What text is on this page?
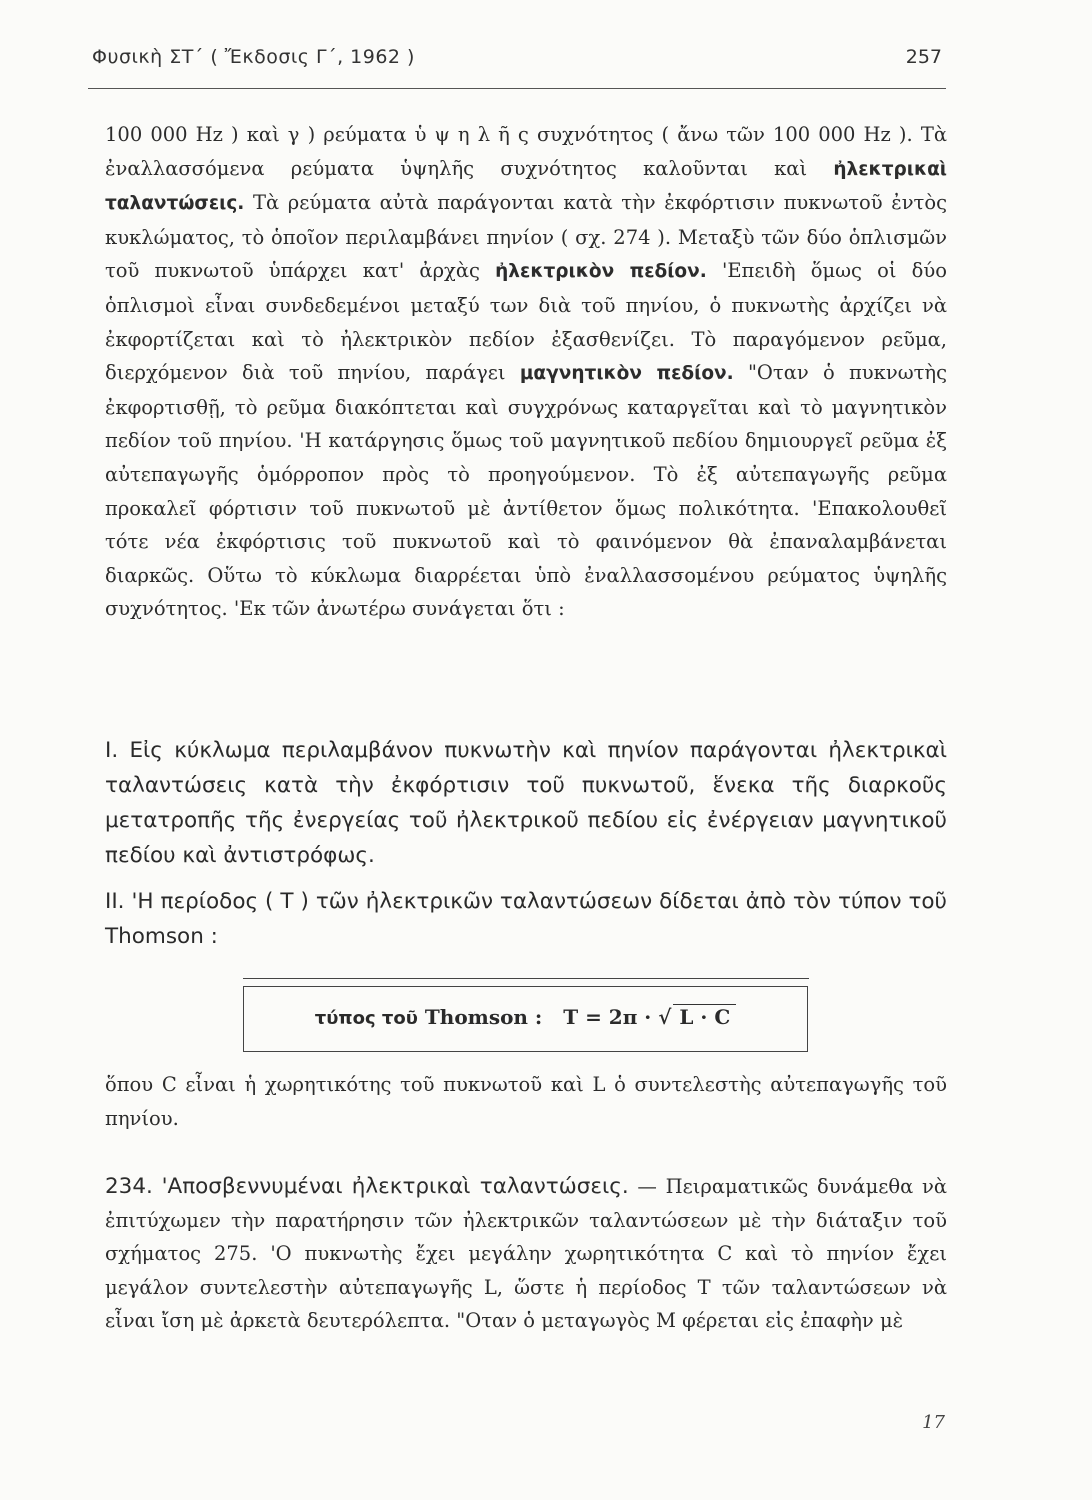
Φυσικὴ ΣΤ΄ ( Ἔκδοσις Γ΄, 1962 )	257

100 000 Hz ) καὶ γ ) ρεύματα ὑ ψ η λ ῆ ς συχνότητος ( ἄνω τῶν 100 000 Hz ). Τὰ ἐναλλασσόμενα ρεύματα ὑψηλῆς συχνότητος καλοῦνται καὶ ἠλεκτρικαὶ ταλαντώσεις. Τὰ ρεύματα αὐτὰ παράγονται κατὰ τὴν ἐκφόρτισιν πυκνωτοῦ ἐντὸς κυκλώματος, τὸ ὁποῖον περιλαμβάνει πηνίον ( σχ. 274 ). Μεταξὺ τῶν δύο ὁπλισμῶν τοῦ πυκνωτοῦ ὑπάρχει κατ' ἀρχὰς ἠλεκτρικὸν πεδίον. 'Επειδὴ ὅμως οἱ δύο ὁπλισμοὶ εἶναι συνδεδεμένοι μεταξύ των διὰ τοῦ πηνίου, ὁ πυκνωτὴς ἀρχίζει νὰ ἐκφορτίζεται καὶ τὸ ἠλεκτρικὸν πεδίον ἐξασθενίζει. Τὸ παραγόμενον ρεῦμα, διερχόμενον διὰ τοῦ πηνίου, παράγει μαγνητικὸν πεδίον. "Οταν ὁ πυκνωτὴς ἐκφορτισθῇ, τὸ ρεῦμα διακόπτεται καὶ συγχρόνως καταργεῖται καὶ τὸ μαγνητικὸν πεδίον τοῦ πηνίου. 'Η κατάργησις ὅμως τοῦ μαγνητικοῦ πεδίου δημιουργεῖ ρεῦμα ἐξ αὐτεπαγωγῆς ὁμόρροπον πρὸς τὸ προηγούμενον. Τὸ ἐξ αὐτεπαγωγῆς ρεῦμα προκαλεῖ φόρτισιν τοῦ πυκνωτοῦ μὲ ἀντίθετον ὅμως πολικότητα. 'Επακολουθεῖ τότε νέα ἐκφόρτισις τοῦ πυκνωτοῦ καὶ τὸ φαινόμενον θὰ ἐπαναλαμβάνεται διαρκῶς. Οὕτω τὸ κύκλωμα διαρρέεται ὑπὸ ἐναλλασσομένου ρεύματος ὑψηλῆς συχνότητος. 'Εκ τῶν ἀνωτέρω συνάγεται ὅτι :

I. Εἰς κύκλωμα περιλαμβάνον πυκνωτὴν καὶ πηνίον παράγονται ἠλεκτρικαὶ ταλαντώσεις κατὰ τὴν ἐκφόρτισιν τοῦ πυκνωτοῦ, ἕνεκα τῆς διαρκοῦς μετατροπῆς τῆς ἐνεργείας τοῦ ἠλεκτρικοῦ πεδίου εἰς ἐνέργειαν μαγνητικοῦ πεδίου καὶ ἀντιστρόφως.

II. 'Η περίοδος ( T ) τῶν ἠλεκτρικῶν ταλαντώσεων δίδεται ἀπὸ τὸν τύπον τοῦ Thomson :

τύπος τοῦ Thomson : T = 2π · √ L · C

ὅπου C εἶναι ἡ χωρητικότης τοῦ πυκνωτοῦ καὶ L ὁ συντελεστὴς αὐτεπαγωγῆς τοῦ πηνίου.

234. 'Αποσβεννυμέναι ἠλεκτρικαὶ ταλαντώσεις. — Πειραματικῶς δυνάμεθα νὰ ἐπιτύχωμεν τὴν παρατήρησιν τῶν ἠλεκτρικῶν ταλαντώσεων μὲ τὴν διάταξιν τοῦ σχήματος 275. 'Ο πυκνωτὴς ἔχει μεγάλην χωρητικότητα C καὶ τὸ πηνίον ἔχει μεγάλον συντελεστὴν αὐτεπαγωγῆς L, ὥστε ἡ περίοδος T τῶν ταλαντώσεων νὰ εἶναι ἴση μὲ ἀρκετὰ δευτερόλεπτα. "Οταν ὁ μεταγωγὸς M φέρεται εἰς ἐπαφὴν μὲ

17
